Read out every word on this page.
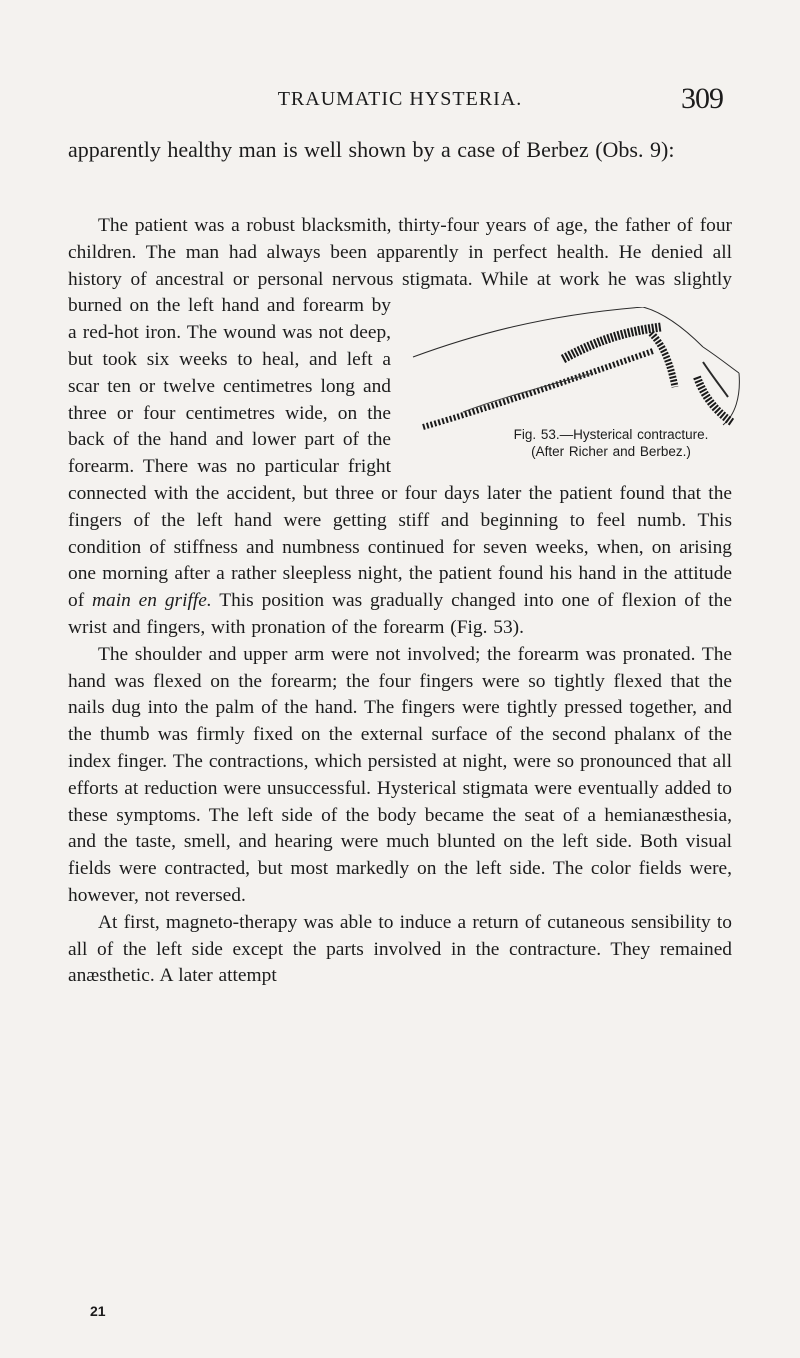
TRAUMATIC HYSTERIA.	309

apparently healthy man is well shown by a case of Berbez (Obs. 9):

The patient was a robust blacksmith, thirty-four years of age, the father of four children. The man had always been apparently in perfect health. He denied all history of ancestral or personal nervous stigmata. While at work he was slightly burned on
Fig. 53.—Hysterical contracture.
(After Richer and Berbez.)
the left hand and forearm by a red-hot iron. The wound was not deep, but took six weeks to heal, and left a scar ten or twelve centimetres long and three or four centimetres wide, on the back of the hand and lower part of the forearm. There was no particular fright connected with the accident, but three or four days later the patient found that the fingers of the left hand were getting stiff and beginning to feel numb. This condition of stiffness and numbness continued for seven weeks, when, on arising one morning after a rather sleepless night, the patient found his hand in the attitude of main en griffe. This position was gradually changed into one of flexion of the wrist and fingers, with pronation of the forearm (Fig. 53).

The shoulder and upper arm were not involved; the forearm was pronated. The hand was flexed on the forearm; the four fingers were so tightly flexed that the nails dug into the palm of the hand. The fingers were tightly pressed together, and the thumb was firmly fixed on the external surface of the second phalanx of the index finger. The contractions, which persisted at night, were so pronounced that all efforts at reduction were unsuccessful. Hysterical stigmata were eventually added to these symptoms. The left side of the body became the seat of a hemianæsthesia, and the taste, smell, and hearing were much blunted on the left side. Both visual fields were contracted, but most markedly on the left side. The color fields were, however, not reversed.

At first, magneto-therapy was able to induce a return of cutaneous sensibility to all of the left side except the parts involved in the contracture. They remained anæsthetic. A later attempt

21
